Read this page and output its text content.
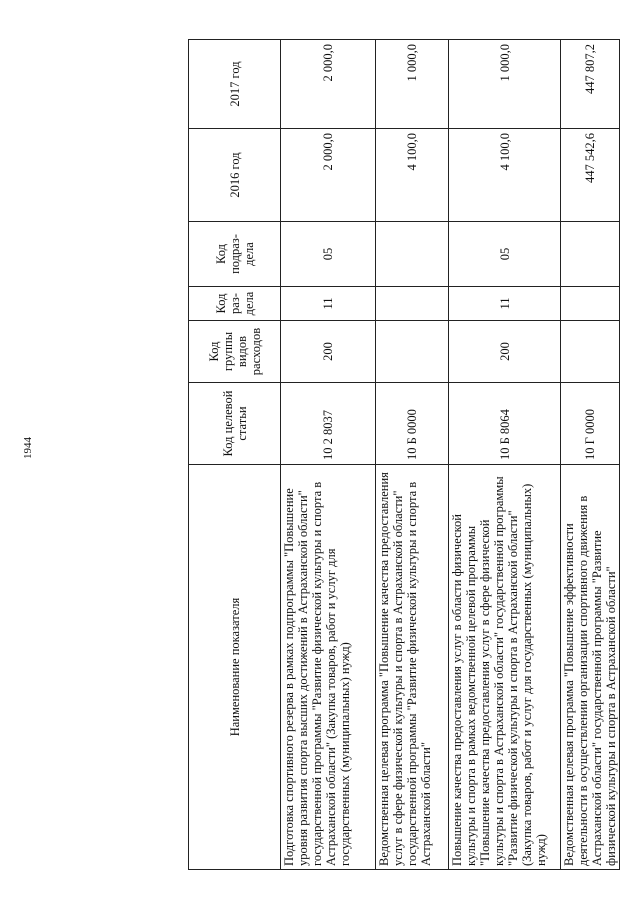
1944
Наименование показателя	Код целевой статьи	Код группы видов расходов	Код раз-дела	Код подраз-дела	2016 год	2017 год
Подготовка спортивного резерва в рамках подпрограммы "Повышение уровня развития спорта высших достижений в Астраханской области" государственной программы "Развитие физической культуры и спорта в Астраханской области" (Закупка товаров, работ и услуг для государственных (муниципальных) нужд)	10 2 8037	200	11	05	2 000,0	2 000,0
Ведомственная целевая программа "Повышение качества предоставления услуг в сфере физической культуры и спорта в Астраханской области" государственной программы "Развитие физической культуры и спорта в Астраханской области"	10 Б 0000				4 100,0	1 000,0
Повышение качества предоставления услуг в области физической культуры и спорта в рамках ведомственной целевой программы "Повышение качества предоставления услуг в сфере физической культуры и спорта в Астраханской области" государственной программы "Развитие физической культуры и спорта в Астраханской области" (Закупка товаров, работ и услуг для государственных (муниципальных) нужд)	10 Б 8064	200	11	05	4 100,0	1 000,0
Ведомственная целевая программа "Повышение эффективности деятельности в осуществлении организации спортивного движения в Астраханской области" государственной программы "Развитие физической культуры и спорта в Астраханской области"	10 Г 0000				447 542,6	447 807,2
